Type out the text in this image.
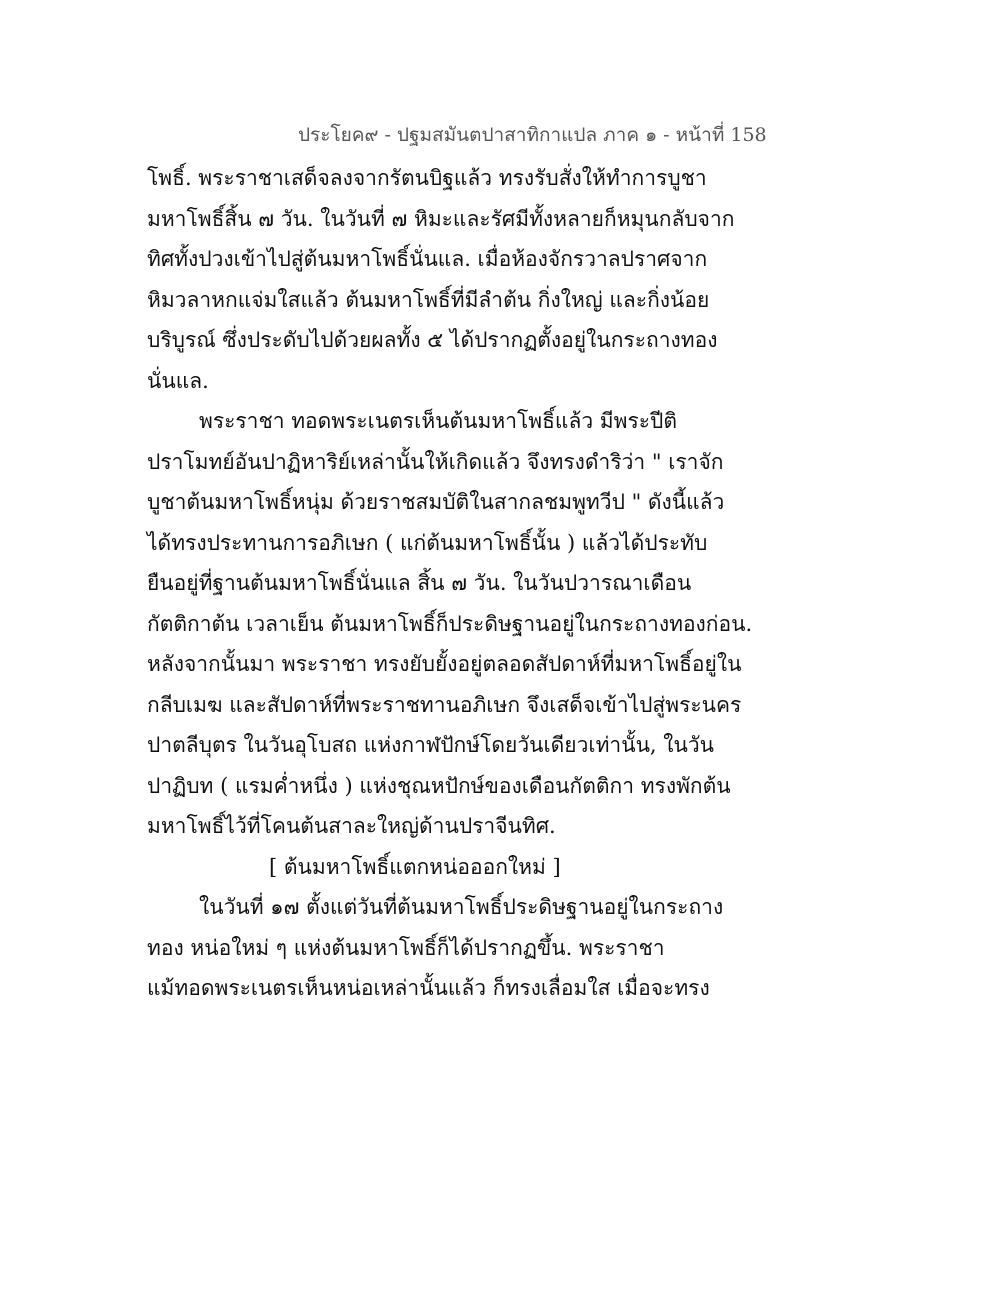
ประโยค๙ - ปฐมสมันตปาสาทิกาแปล ภาค ๑ - หน้าที่ 158
โพธิ์. พระราชาเสด็จลงจากรัตนบิฐแล้ว ทรงรับสั่งให้ทำการบูชา
มหาโพธิ์สิ้น ๗ วัน. ในวันที่ ๗ หิมะและรัศมีทั้งหลายก็หมุนกลับจาก
ทิศทั้งปวงเข้าไปสู่ต้นมหาโพธิ์นั่นแล. เมื่อห้องจักรวาลปราศจาก
หิมวลาหกแจ่มใสแล้ว ต้นมหาโพธิ์ที่มีลำต้น กิ่งใหญ่ และกิ่งน้อย
บริบูรณ์ ซึ่งประดับไปด้วยผลทั้ง ๕ ได้ปรากฏตั้งอยู่ในกระถางทอง
นั่นแล.
พระราชา ทอดพระเนตรเห็นต้นมหาโพธิ์แล้ว มีพระปีติ
ปราโมทย์อันปาฏิหาริย์เหล่านั้นให้เกิดแล้ว จึงทรงดำริว่า " เราจัก
บูชาต้นมหาโพธิ์หนุ่ม ด้วยราชสมบัติในสากลชมพูทวีป " ดังนี้แล้ว
ได้ทรงประทานการอภิเษก ( แก่ต้นมหาโพธิ์นั้น ) แล้วได้ประทับ
ยืนอยู่ที่ฐานต้นมหาโพธิ์นั่นแล สิ้น ๗ วัน. ในวันปวารณาเดือน
กัตติกาต้น เวลาเย็น ต้นมหาโพธิ์ก็ประดิษฐานอยู่ในกระถางทองก่อน.
หลังจากนั้นมา พระราชา ทรงยับยั้งอยู่ตลอดสัปดาห์ที่มหาโพธิ์อยู่ใน
กลีบเมฆ และสัปดาห์ที่พระราชทานอภิเษก จึงเสด็จเข้าไปสู่พระนคร
ปาตลีบุตร ในวันอุโบสถ แห่งกาฬปักษ์โดยวันเดียวเท่านั้น, ในวัน
ปาฏิบท ( แรมค่ำหนึ่ง ) แห่งชุณหปักษ์ของเดือนกัตติกา ทรงพักต้น
มหาโพธิ์ไว้ที่โคนต้นสาละใหญ่ด้านปราจีนทิศ.
[ ต้นมหาโพธิ์แตกหน่อออกใหม่ ]
ในวันที่ ๑๗ ตั้งแต่วันที่ต้นมหาโพธิ์ประดิษฐานอยู่ในกระถาง
ทอง หน่อใหม่ ๆ แห่งต้นมหาโพธิ์ก็ได้ปรากฏขึ้น. พระราชา
แม้ทอดพระเนตรเห็นหน่อเหล่านั้นแล้ว ก็ทรงเลื่อมใส เมื่อจะทรง
